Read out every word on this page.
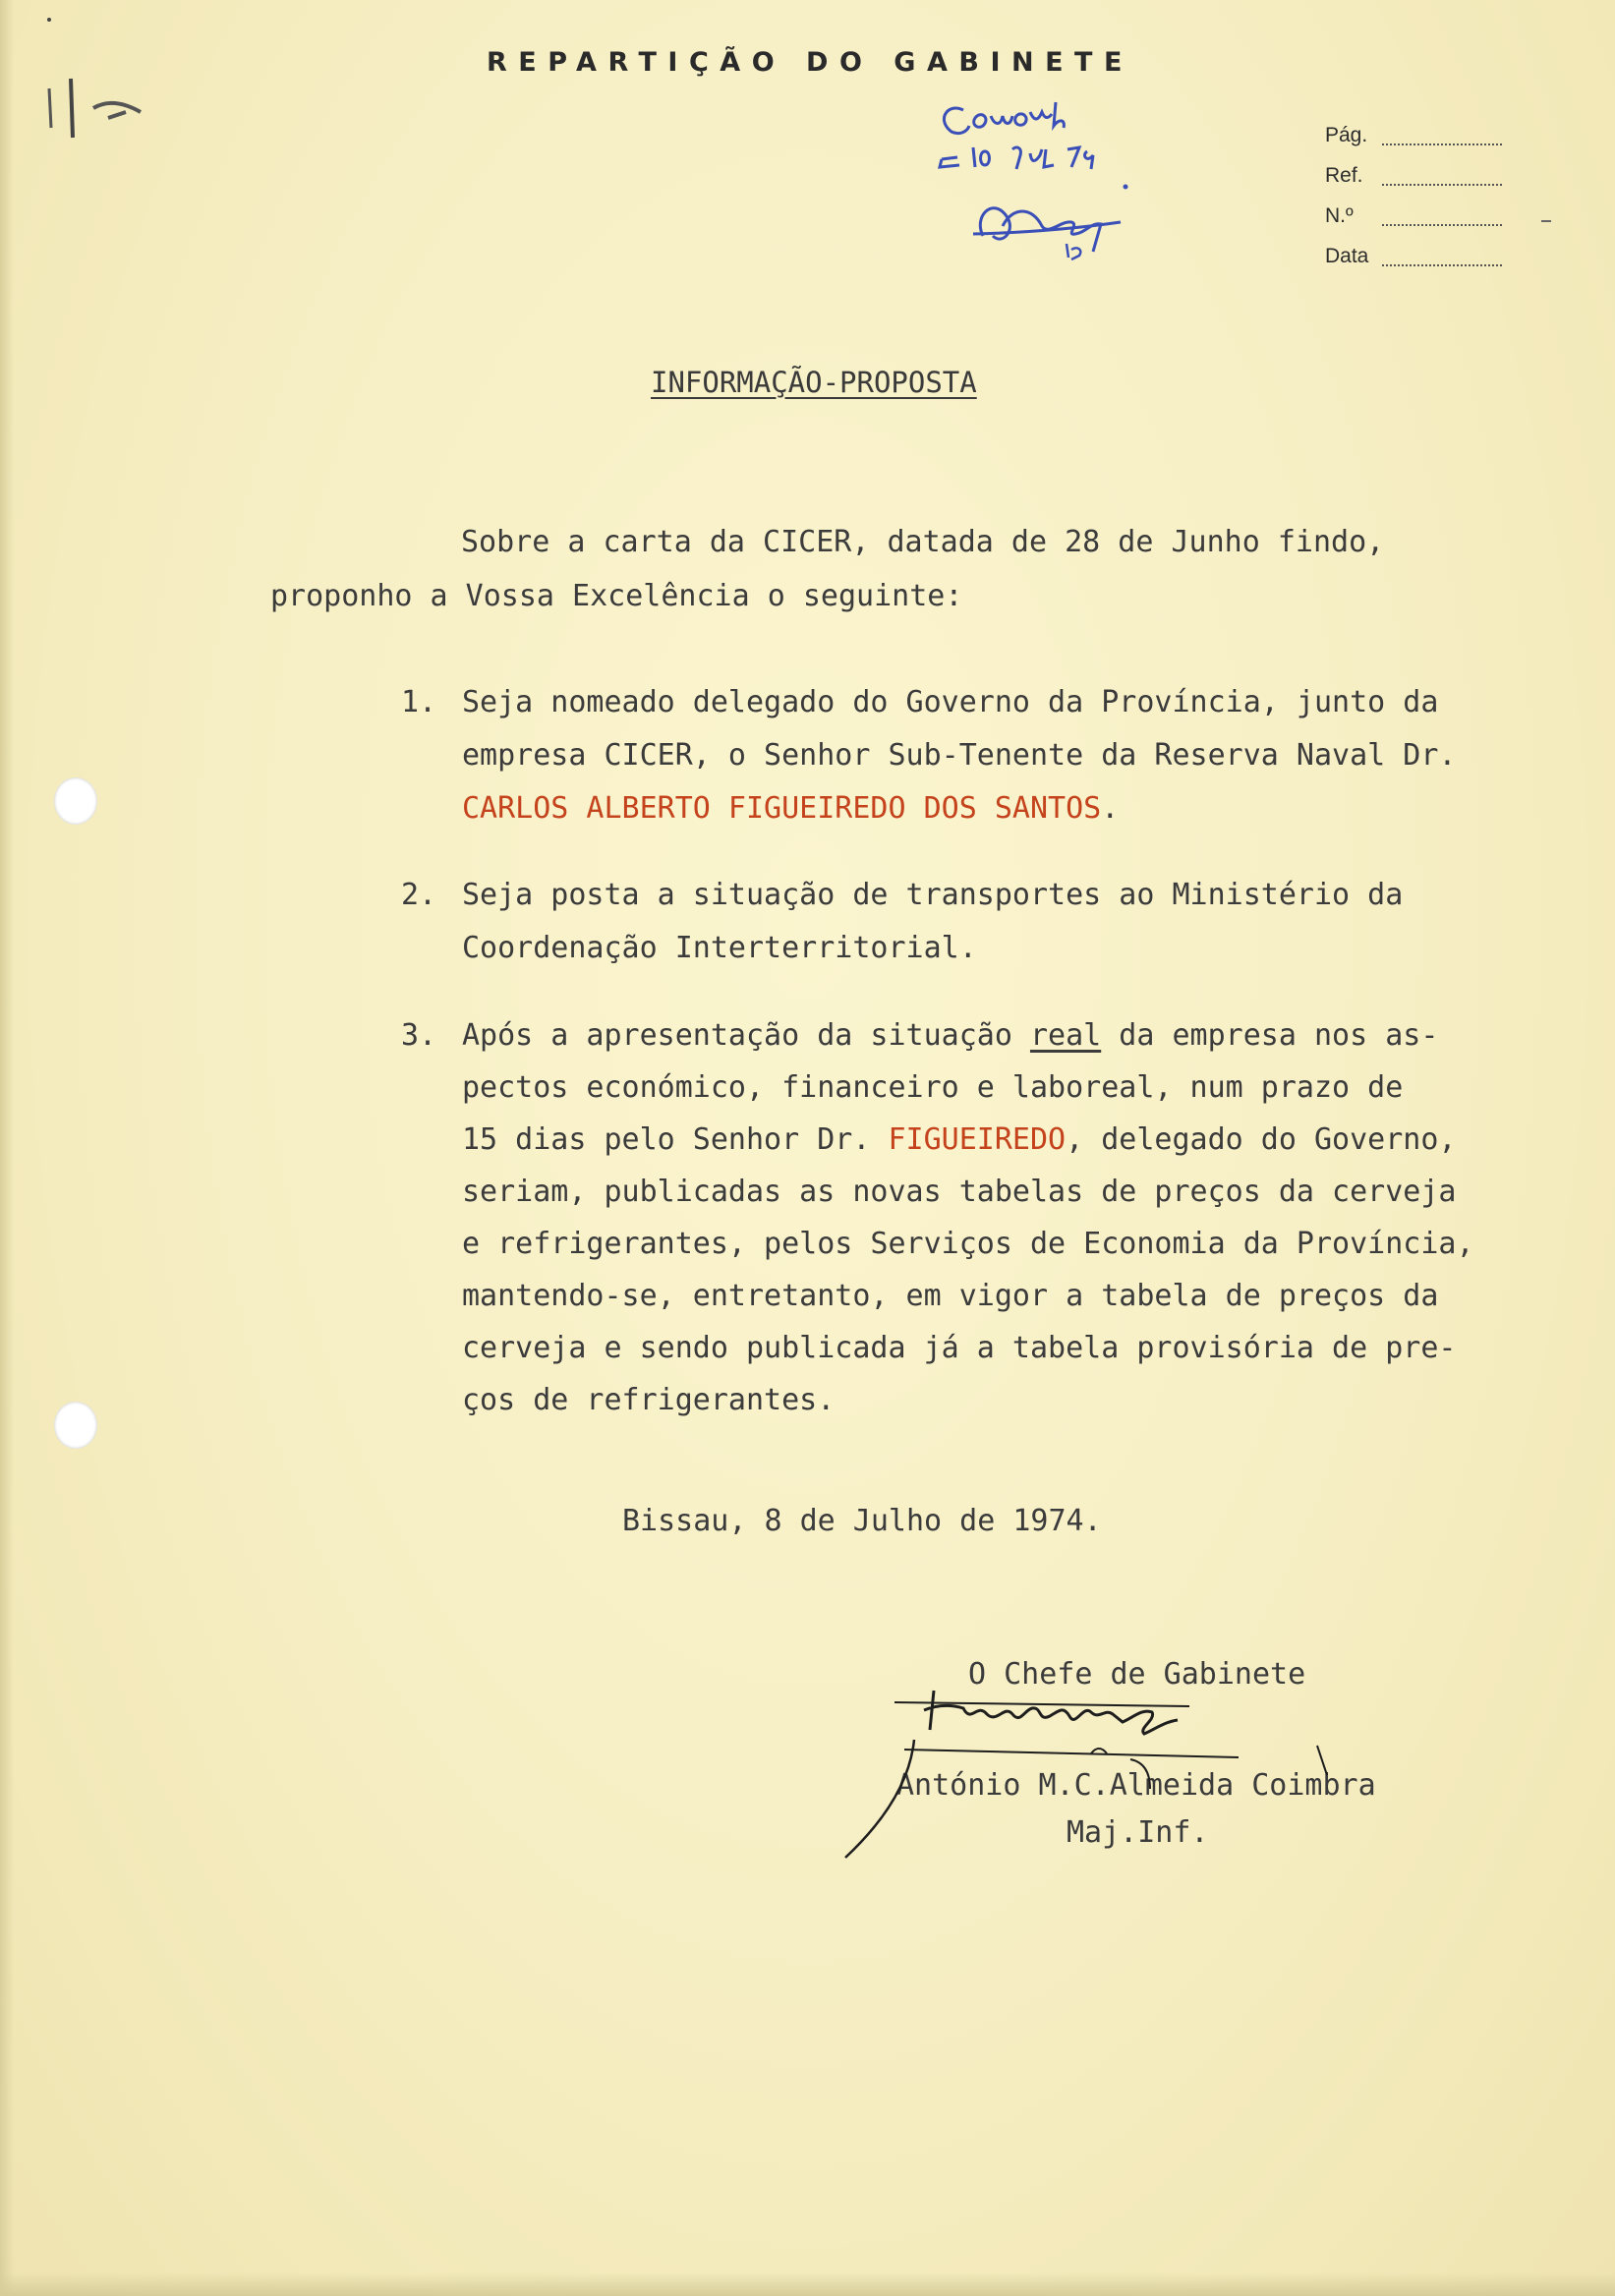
REPARTIÇÃO DO GABINETE
Pág.
Ref.
N.º
Data
INFORMAÇÃO-PROPOSTA
Sobre a carta da CICER, datada de 28 de Junho findo,
proponho a Vossa Excelência o seguinte:
1. Seja nomeado delegado do Governo da Província, junto da
empresa CICER, o Senhor Sub-Tenente da Reserva Naval Dr.
CARLOS ALBERTO FIGUEIREDO DOS SANTOS.
2. Seja posta a situação de transportes ao Ministério da
Coordenação Interterritorial.
3. Após a apresentação da situação real da empresa nos as-
pectos económico, financeiro e laboreal, num prazo de
15 dias pelo Senhor Dr. FIGUEIREDO, delegado do Governo,
seriam, publicadas as novas tabelas de preços da cerveja
e refrigerantes, pelos Serviços de Economia da Província,
mantendo-se, entretanto, em vigor a tabela de preços da
cerveja e sendo publicada já a tabela provisória de pre-
ços de refrigerantes.
Bissau, 8 de Julho de 1974.
O Chefe de Gabinete
António M.C.Almeida Coimbra
Maj.Inf.
